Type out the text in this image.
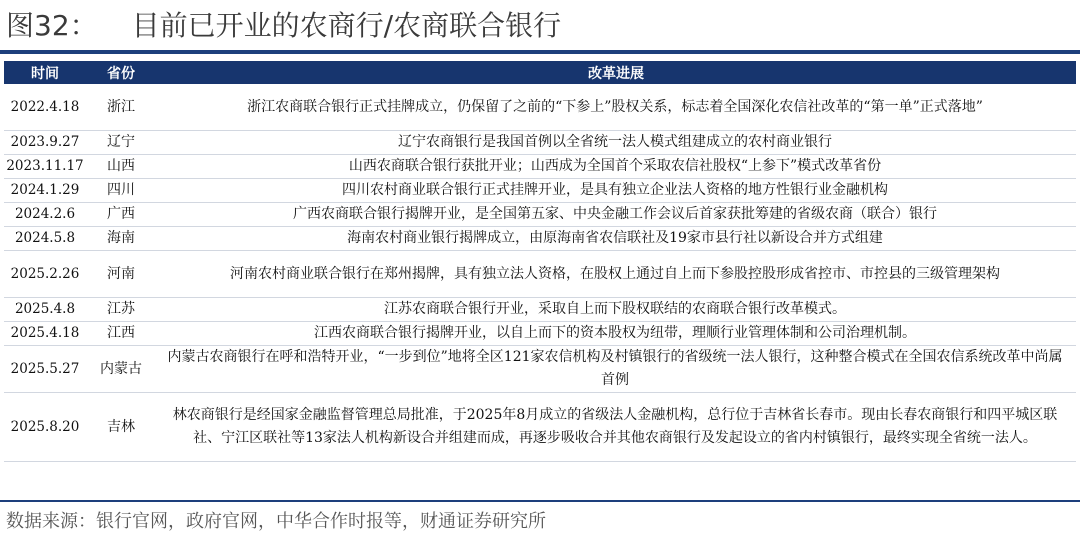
图32： 目前已开业的农商行/农商联合银行
时间	省份	改革进展
2022.4.18	浙江	浙江农商联合银行正式挂牌成立，仍保留了之前的“下参上”股权关系，标志着全国深化农信社改革的“第一单”正式落地”
2023.9.27	辽宁	辽宁农商银行是我国首例以全省统一法人模式组建成立的农村商业银行
2023.11.17	山西	山西农商联合银行获批开业；山西成为全国首个采取农信社股权“上参下”模式改革省份
2024.1.29	四川	四川农村商业联合银行正式挂牌开业，是具有独立企业法人资格的地方性银行业金融机构
2024.2.6	广西	广西农商联合银行揭牌开业，是全国第五家、中央金融工作会议后首家获批筹建的省级农商（联合）银行
2024.5.8	海南	海南农村商业银行揭牌成立，由原海南省农信联社及19家市县行社以新设合并方式组建
2025.2.26	河南	河南农村商业联合银行在郑州揭牌，具有独立法人资格，在股权上通过自上而下参股控股形成省控市、市控县的三级管理架构
2025.4.8	江苏	江苏农商联合银行开业，采取自上而下股权联结的农商联合银行改革模式。
2025.4.18	江西	江西农商联合银行揭牌开业，以自上而下的资本股权为纽带，理顺行业管理体制和公司治理机制。
2025.5.27	内蒙古	内蒙古农商银行在呼和浩特开业，“一步到位”地将全区121家农信机构及村镇银行的省级统一法人银行，这种整合模式在全国农信系统改革中尚属首例
2025.8.20	吉林	林农商银行是经国家金融监督管理总局批准，于2025年8月成立的省级法人金融机构，总行位于吉林省长春市。现由长春农商银行和四平城区联社、宁江区联社等13家法人机构新设合并组建而成，再逐步吸收合并其他农商银行及发起设立的省内村镇银行，最终实现全省统一法人。
数据来源：银行官网，政府官网，中华合作时报等，财通证券研究所
